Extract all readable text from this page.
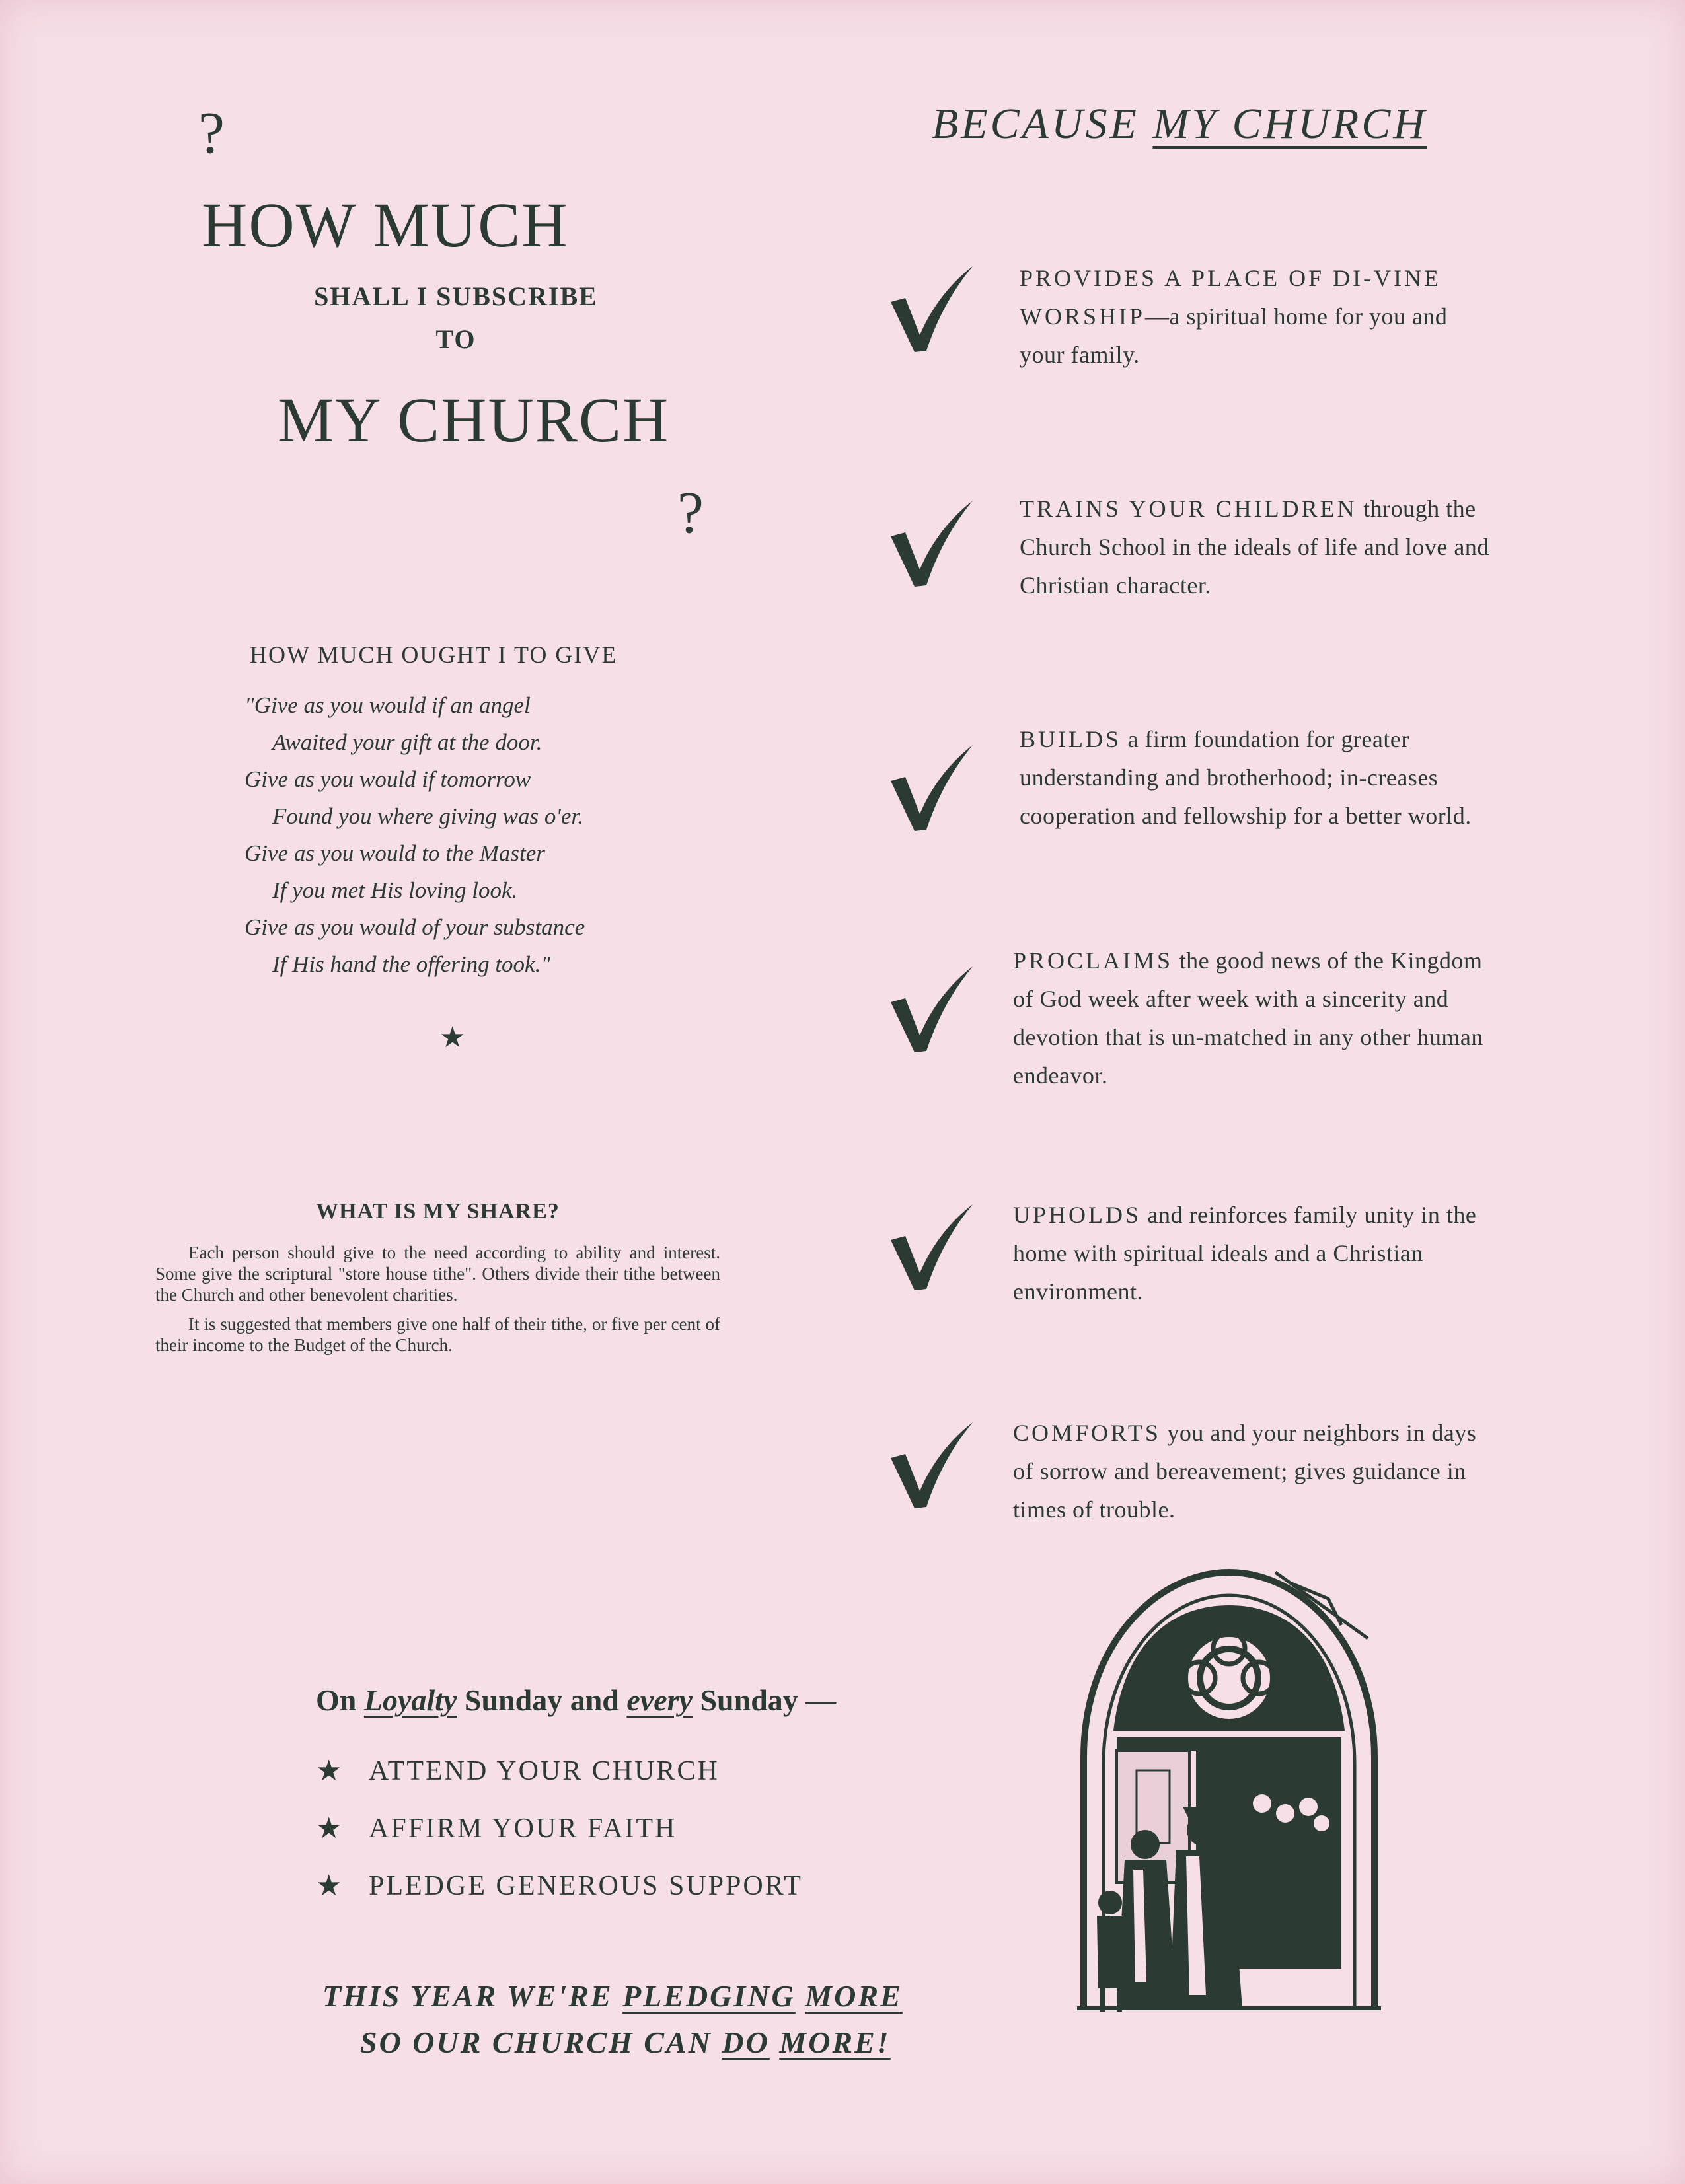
?
HOW MUCH
SHALL I SUBSCRIBE
TO
MY CHURCH
?
HOW MUCH OUGHT I TO GIVE
"Give as you would if an angel
Awaited your gift at the door.
Give as you would if tomorrow
Found you where giving was o'er.
Give as you would to the Master
If you met His loving look.
Give as you would of your substance
If His hand the offering took."
★
WHAT IS MY SHARE?

Each person should give to the need according to ability and interest. Some give the scriptural "store house tithe". Others divide their tithe between the Church and other benevolent charities.

It is suggested that members give one half of their tithe, or five per cent of their income to the Budget of the Church.

BECAUSE MY CHURCH
PROVIDES A PLACE OF DI-VINE WORSHIP—a spiritual home for you and your family.
TRAINS YOUR CHILDREN through the Church School in the ideals of life and love and Christian character.
BUILDS a firm foundation for greater understanding and brotherhood; in-creases cooperation and fellowship for a better world.
PROCLAIMS the good news of the Kingdom of God week after week with a sincerity and devotion that is un-matched in any other human endeavor.
UPHOLDS and reinforces family unity in the home with spiritual ideals and a Christian environment.
COMFORTS you and your neighbors in days of sorrow and bereavement; gives guidance in times of trouble.
On Loyalty Sunday and every Sunday —
★ ATTEND YOUR CHURCH
★ AFFIRM YOUR FAITH
★ PLEDGE GENEROUS SUPPORT
THIS YEAR WE'RE PLEDGING MORE
SO OUR CHURCH CAN DO MORE!
